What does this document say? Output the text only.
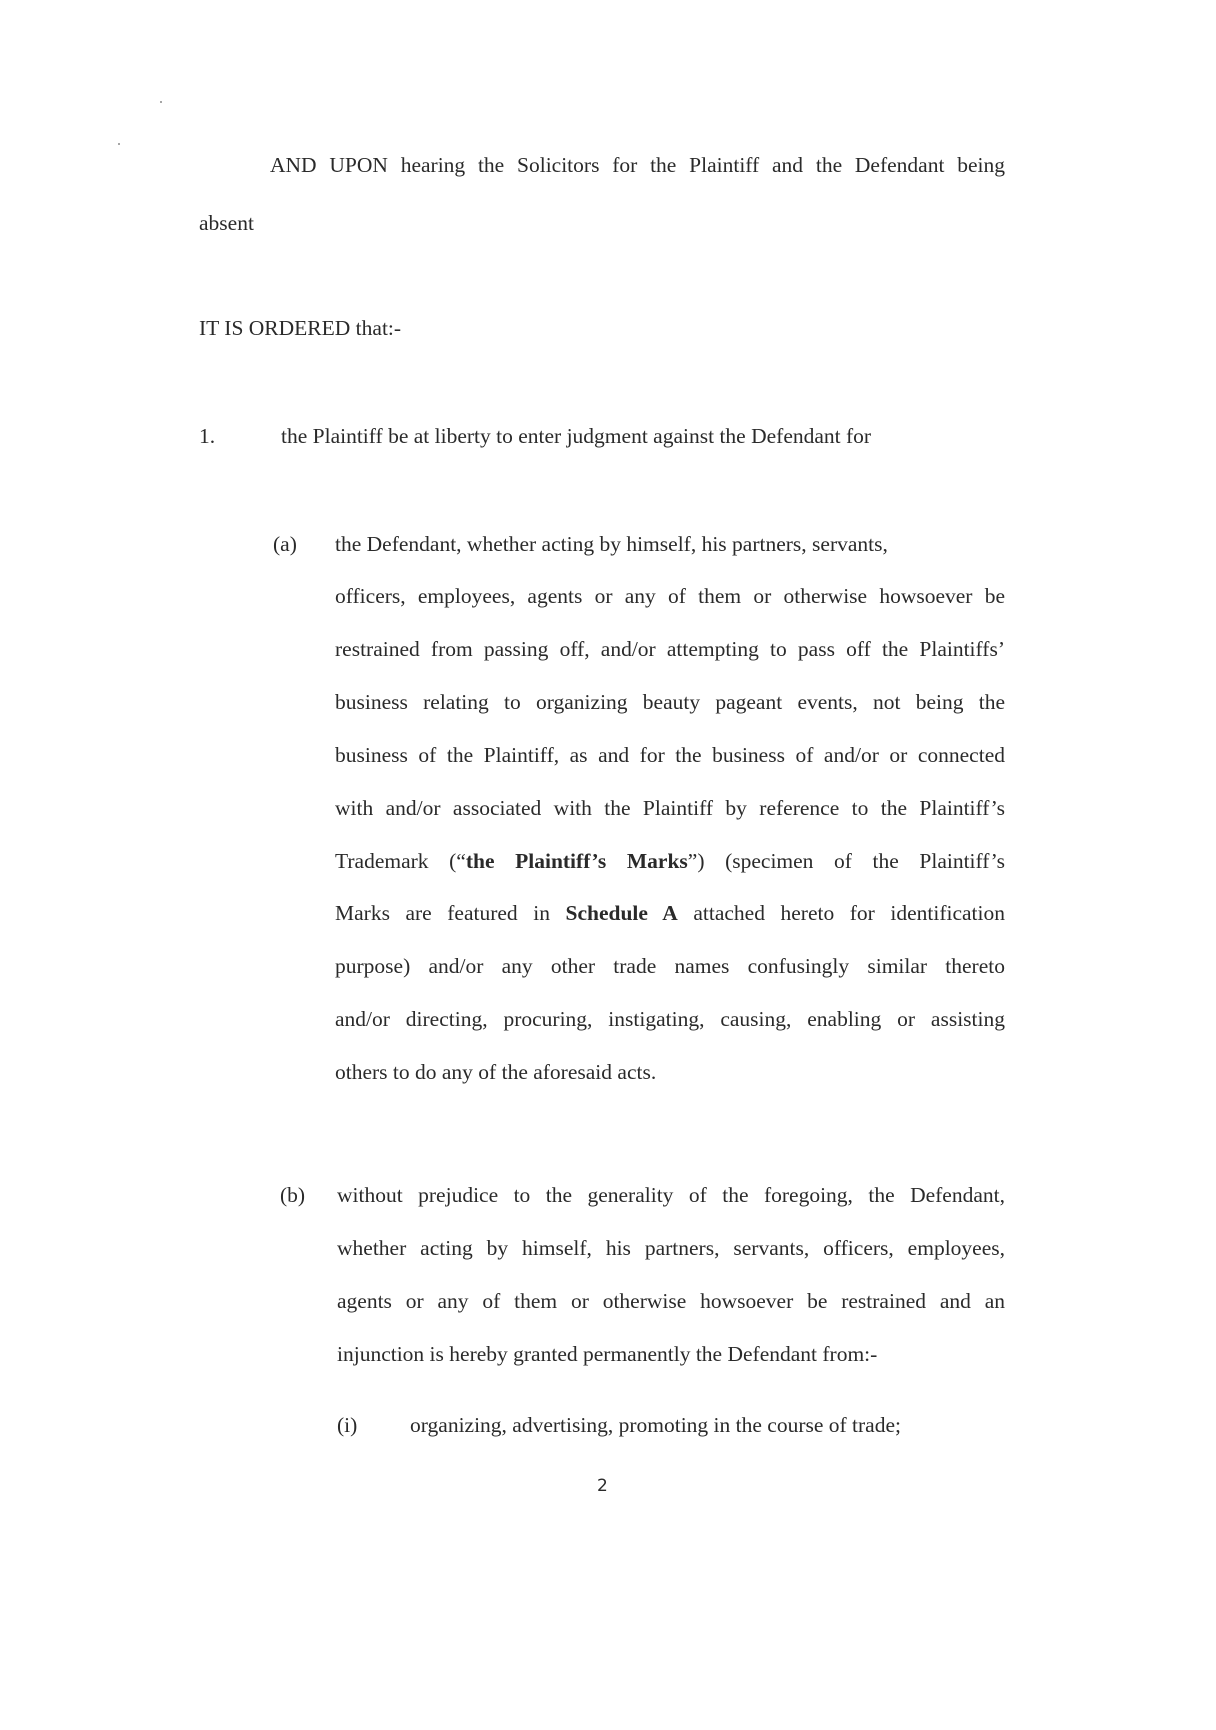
AND UPON hearing the Solicitors for the Plaintiff and the Defendant being
absent
IT IS ORDERED that:-
1.	the Plaintiff be at liberty to enter judgment against the Defendant for
(a) the Defendant, whether acting by himself, his partners, servants,
officers, employees, agents or any of them or otherwise howsoever be
restrained from passing off, and/or attempting to pass off the Plaintiffs’
business relating to organizing beauty pageant events, not being the
business of the Plaintiff, as and for the business of and/or or connected
with and/or associated with the Plaintiff by reference to the Plaintiff’s
Trademark (“the Plaintiff’s Marks”) (specimen of the Plaintiff’s
Marks are featured in Schedule A attached hereto for identification
purpose) and/or any other trade names confusingly similar thereto
and/or directing, procuring, instigating, causing, enabling or assisting
others to do any of the aforesaid acts.
(b) without prejudice to the generality of the foregoing, the Defendant,
whether acting by himself, his partners, servants, officers, employees,
agents or any of them or otherwise howsoever be restrained and an
injunction is hereby granted permanently the Defendant from:-
(i) organizing, advertising, promoting in the course of trade;
2
